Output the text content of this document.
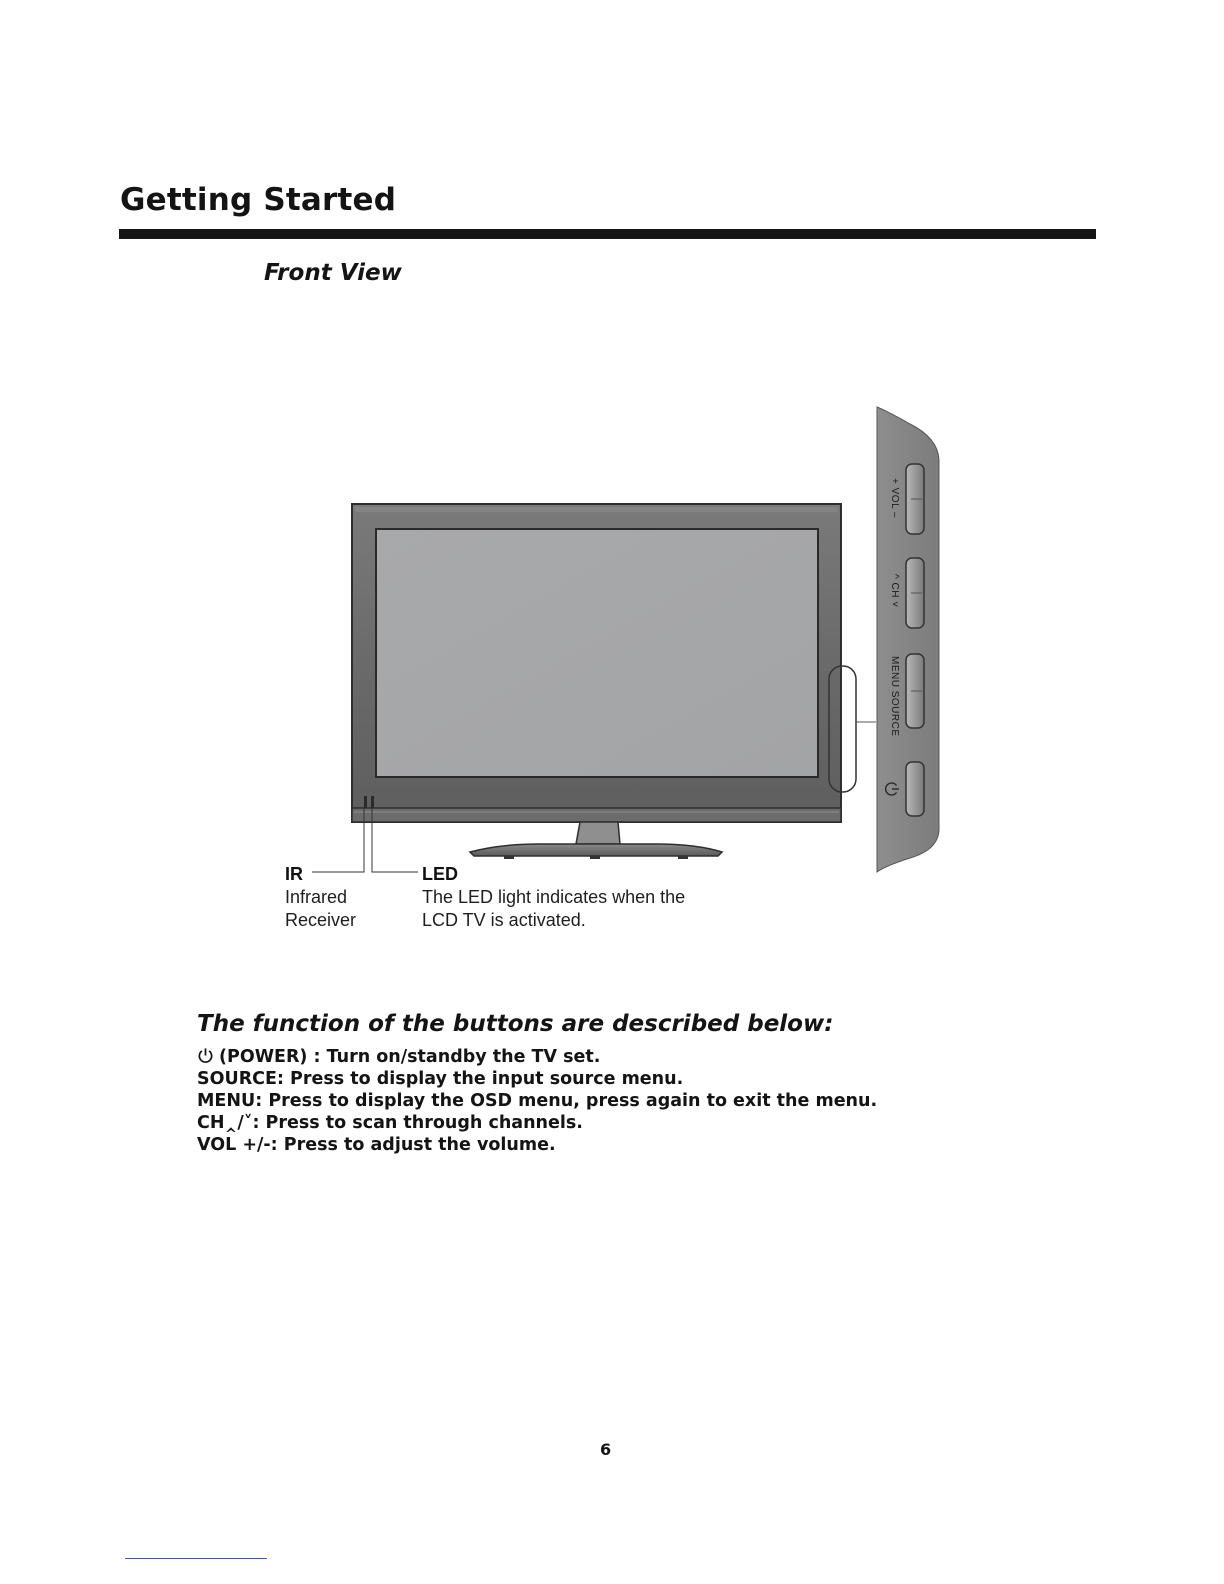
Getting Started
Front View
+ VOL –
^ CH ˅
MENU SOURCE

IR

Infrared

Receiver

LED

The LED light indicates when the

LCD TV is activated.

The function of the buttons are described below:
(POWER) : Turn on/standby the TV set.
SOURCE: Press to display the input source menu.
MENU: Press to display the OSD menu, press again to exit the menu.
CH‸/˅: Press to scan through channels.
VOL +/-: Press to adjust the volume.

6
